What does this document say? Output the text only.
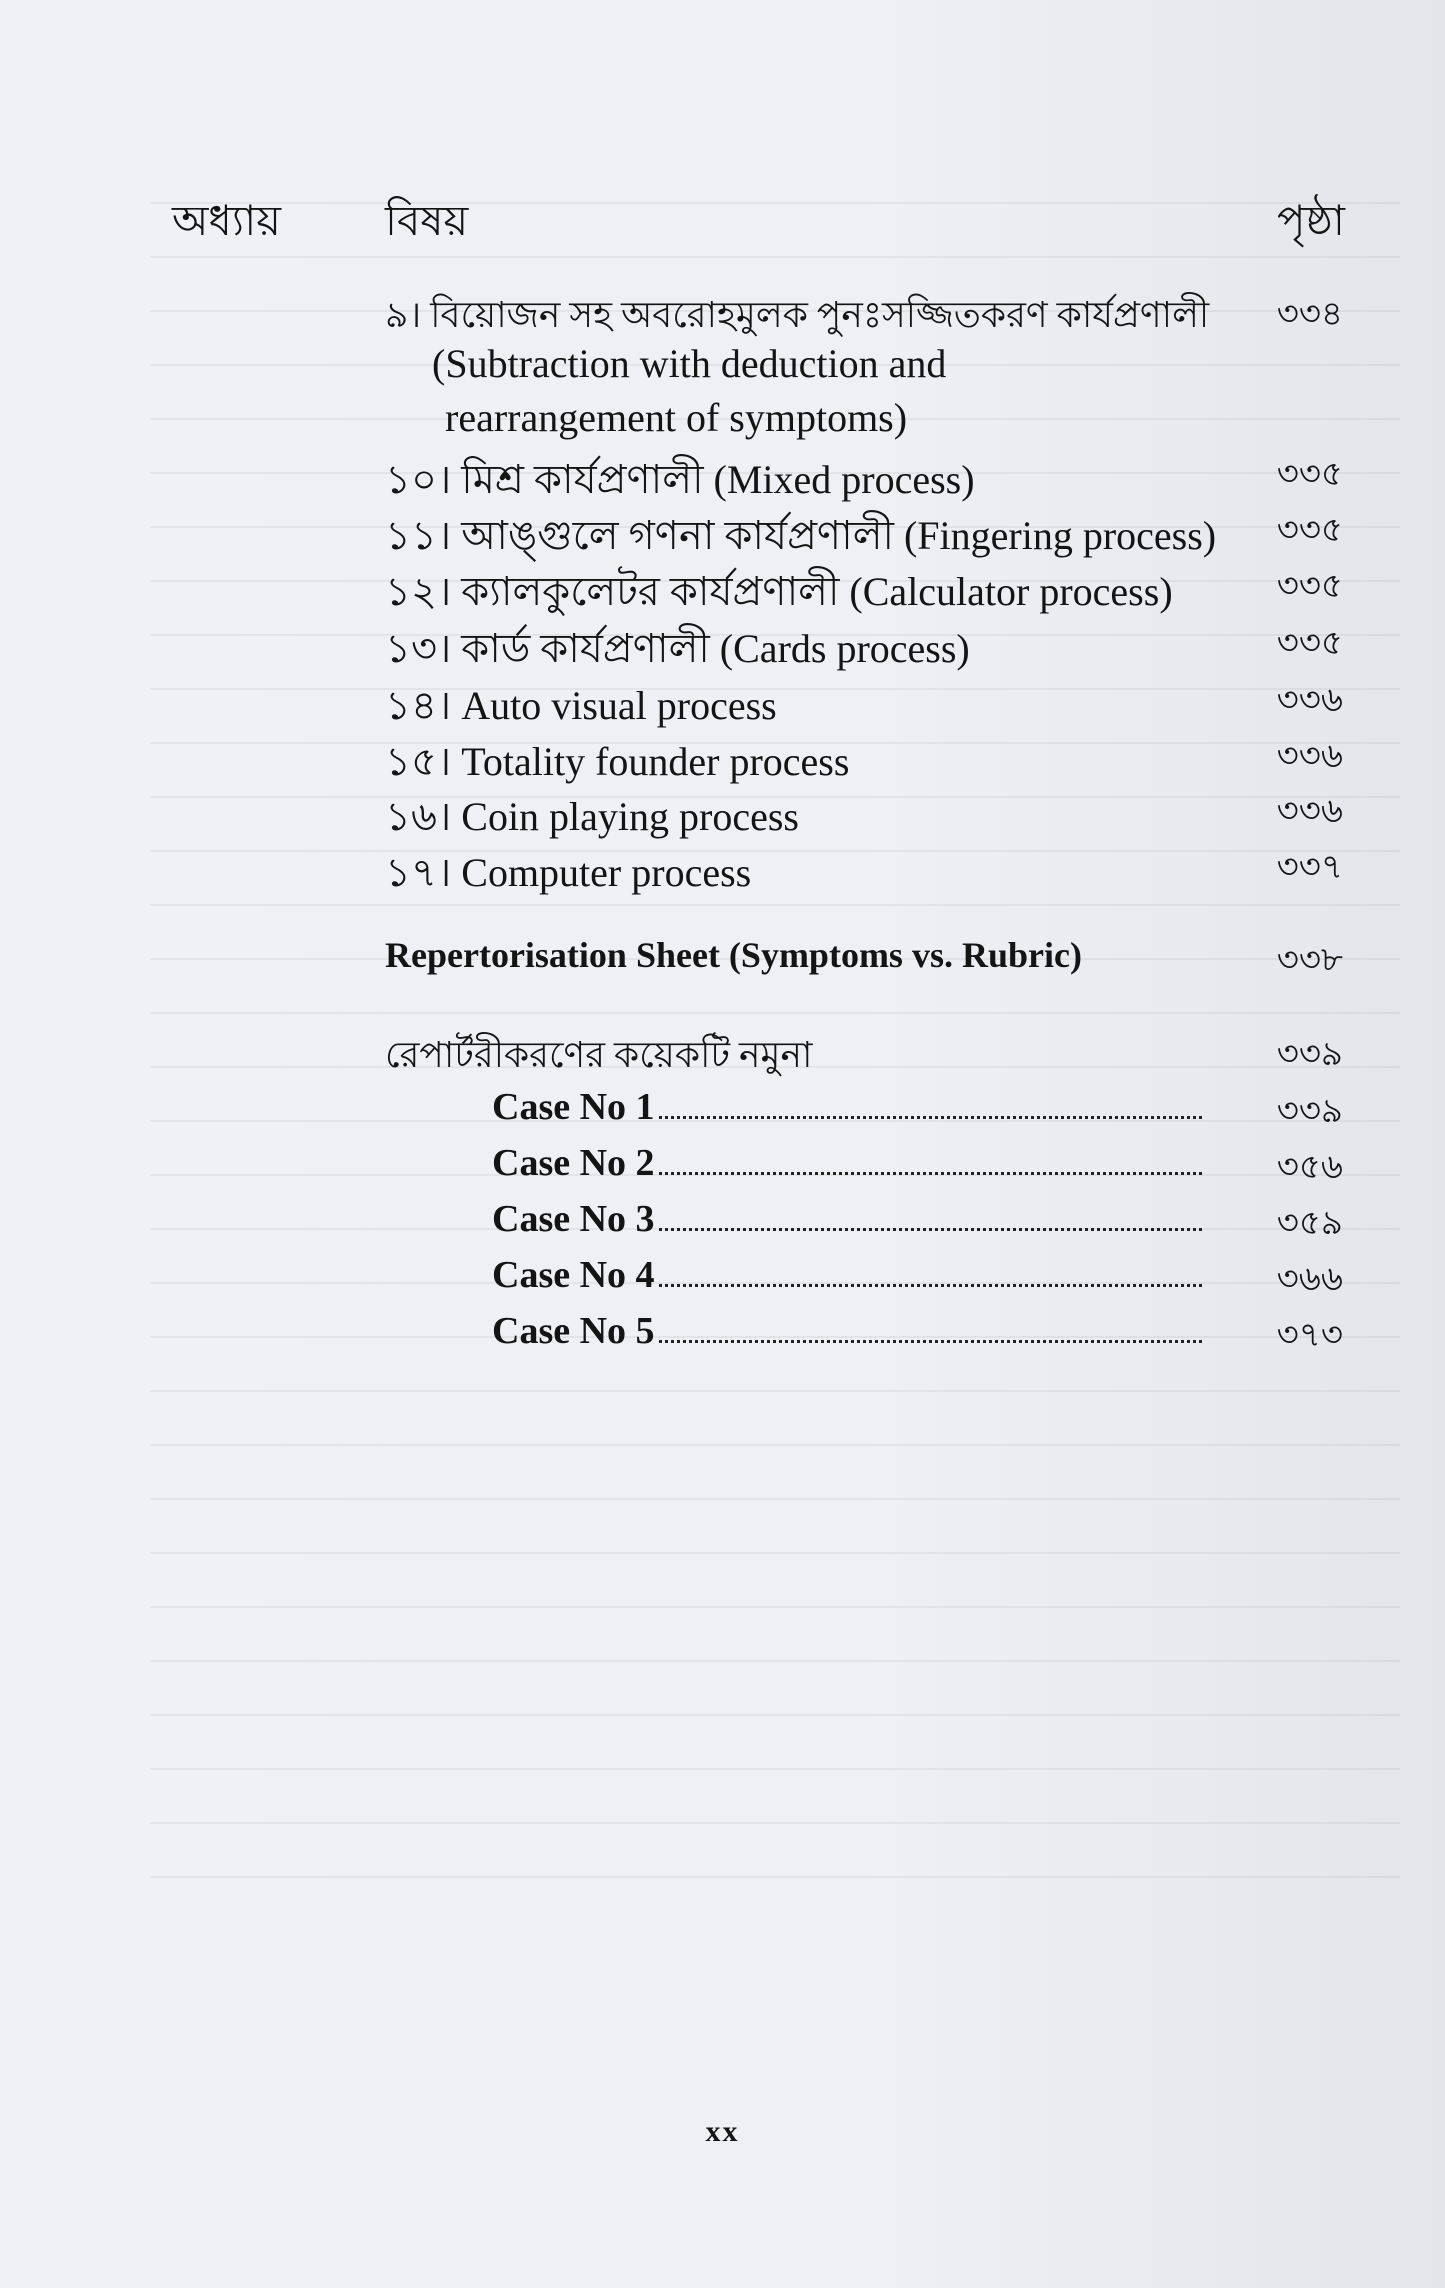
অধ্যায় বিষয়	পৃষ্ঠা
৯। বিয়োজন সহ অবরোহমুলক পুনঃসজ্জিতকরণ কার্যপ্রণালী ৩৩৪
(Subtraction with deduction and
rearrangement of symptoms)
১০। মিশ্র কার্যপ্রণালী (Mixed process)	৩৩৫
১১। আঙ্গুলে গণনা কার্যপ্রণালী (Fingering process) ৩৩৫
১২। ক্যালকুলেটর কার্যপ্রণালী (Calculator process)	৩৩৫
১৩। কার্ড কার্যপ্রণালী (Cards process)	৩৩৫
১৪। Auto visual process	৩৩৬
১৫। Totality founder process	৩৩৬
১৬। Coin playing process	৩৩৬
১৭। Computer process	৩৩৭
Repertorisation Sheet (Symptoms vs. Rubric)	৩৩৮
রেপার্টরীকরণের কয়েকটি নমুনা	৩৩৯
Case No 1	৩৩৯
Case No 2	৩৫৬
Case No 3	৩৫৯
Case No 4	৩৬৬
Case No 5	৩৭৩
xx
